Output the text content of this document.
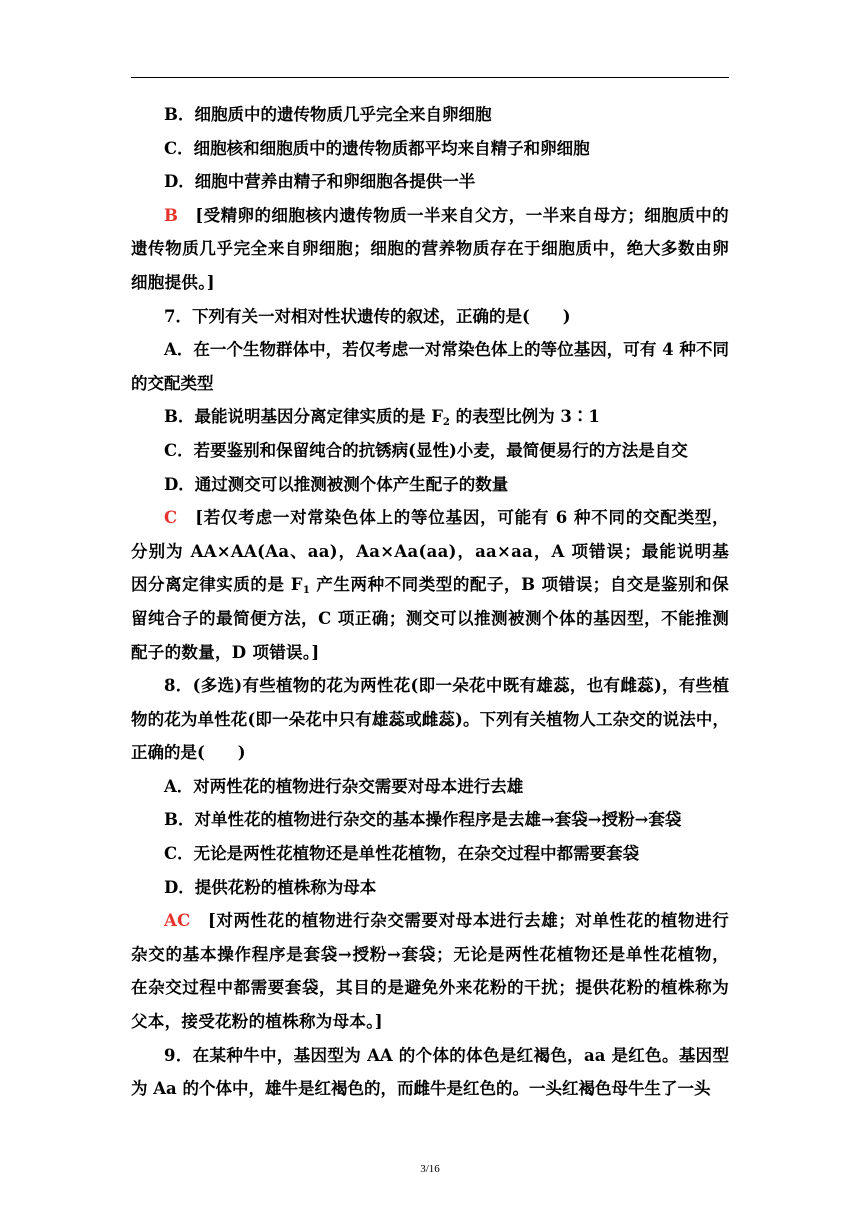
B．细胞质中的遗传物质几乎完全来自卵细胞

C．细胞核和细胞质中的遗传物质都平均来自精子和卵细胞

D．细胞中营养由精子和卵细胞各提供一半

B　 [受精卵的细胞核内遗传物质一半来自父方，一半来自母方；细胞质中的遗传物质几乎完全来自卵细胞；细胞的营养物质存在于细胞质中，绝大多数由卵细胞提供。]

7．下列有关一对相对性状遗传的叙述，正确的是(　　)

A．在一个生物群体中，若仅考虑一对常染色体上的等位基因，可有 4 种不同的交配类型

B．最能说明基因分离定律实质的是 $F_2$ 的表型比例为 3∶1

C．若要鉴别和保留纯合的抗锈病(显性)小麦，最简便易行的方法是自交

D．通过测交可以推测被测个体产生配子的数量

C　 [若仅考虑一对常染色体上的等位基因，可能有 6 种不同的交配类型，分别为 AA×AA(Aa、aa)，Aa×Aa(aa)，aa×aa，A 项错误；最能说明基因分离定律实质的是 $F_1$ 产生两种不同类型的配子，B 项错误；自交是鉴别和保留纯合子的最简便方法，C 项正确；测交可以推测被测个体的基因型，不能推测配子的数量，D 项错误。]

8．(多选)有些植物的花为两性花(即一朵花中既有雄蕊，也有雌蕊)，有些植物的花为单性花(即一朵花中只有雄蕊或雌蕊)。下列有关植物人工杂交的说法中，正确的是(　　)

A．对两性花的植物进行杂交需要对母本进行去雄

B．对单性花的植物进行杂交的基本操作程序是去雄→套袋→授粉→套袋

C．无论是两性花植物还是单性花植物，在杂交过程中都需要套袋

D．提供花粉的植株称为母本

AC　 [对两性花的植物进行杂交需要对母本进行去雄；对单性花的植物进行杂交的基本操作程序是套袋→授粉→套袋；无论是两性花植物还是单性花植物，在杂交过程中都需要套袋，其目的是避免外来花粉的干扰；提供花粉的植株称为父本，接受花粉的植株称为母本。]

9．在某种牛中，基因型为 AA 的个体的体色是红褐色，aa 是红色。基因型为 Aa 的个体中，雄牛是红褐色的，而雌牛是红色的。一头红褐色母牛生了一头

3/16
